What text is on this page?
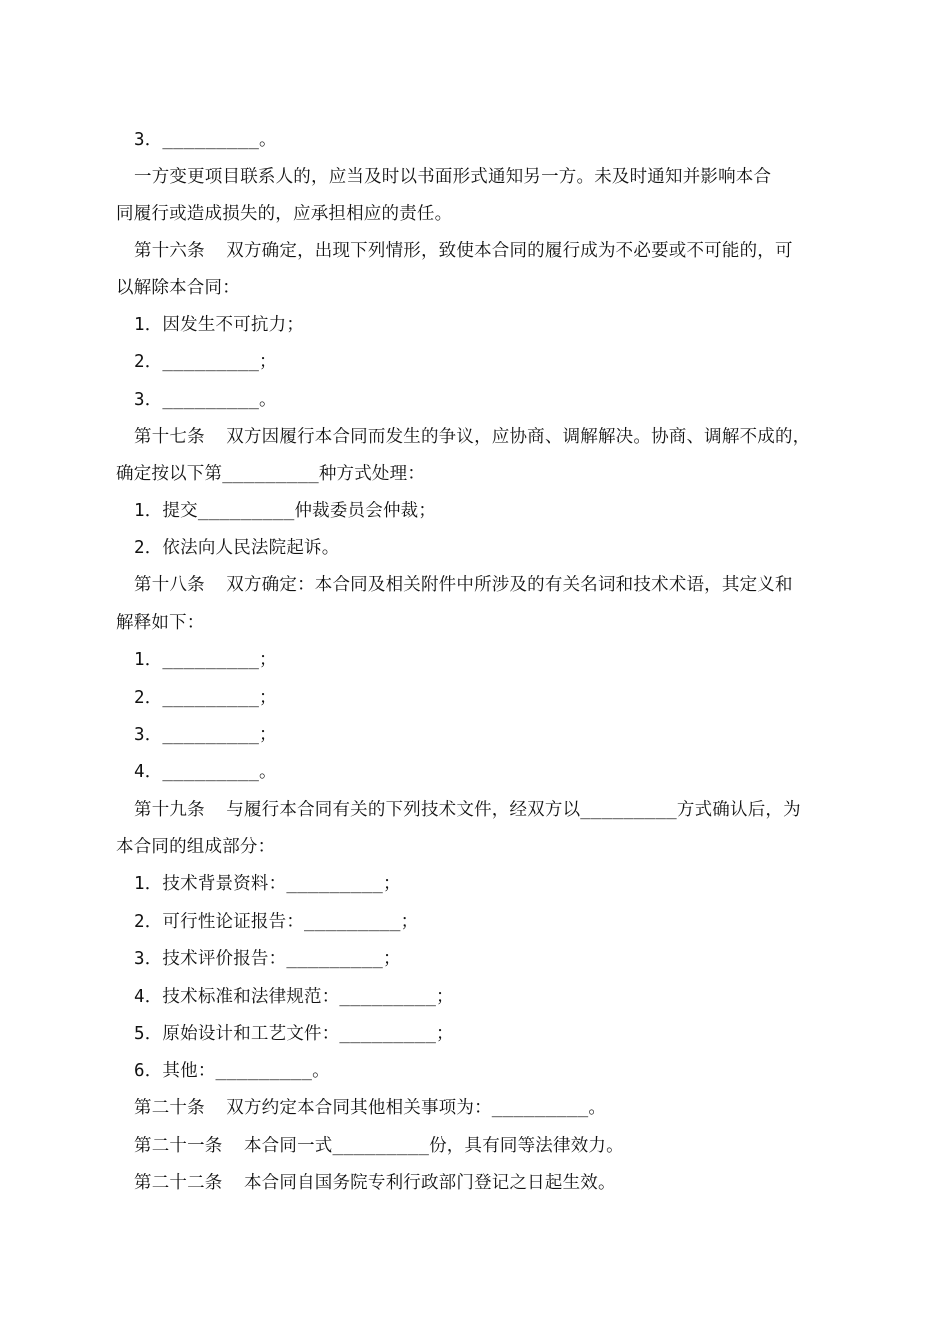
3．_________。
一方变更项目联系人的，应当及时以书面形式通知另一方。未及时通知并影响本合
同履行或造成损失的，应承担相应的责任。
第十六条  双方确定，出现下列情形，致使本合同的履行成为不必要或不可能的，可
以解除本合同：
1．因发生不可抗力；
2．_________；
3．_________。
第十七条  双方因履行本合同而发生的争议，应协商、调解解决。协商、调解不成的，
确定按以下第_________种方式处理：
1．提交_________仲裁委员会仲裁；
2．依法向人民法院起诉。
第十八条  双方确定：本合同及相关附件中所涉及的有关名词和技术术语，其定义和
解释如下：
1．_________；
2．_________；
3．_________；
4．_________。
第十九条  与履行本合同有关的下列技术文件，经双方以_________方式确认后，为
本合同的组成部分：
1．技术背景资料：_________；
2．可行性论证报告：_________；
3．技术评价报告：_________；
4．技术标准和法律规范：_________；
5．原始设计和工艺文件：_________；
6．其他：_________。
第二十条  双方约定本合同其他相关事项为：_________。
第二十一条  本合同一式_________份，具有同等法律效力。
第二十二条  本合同自国务院专利行政部门登记之日起生效。
